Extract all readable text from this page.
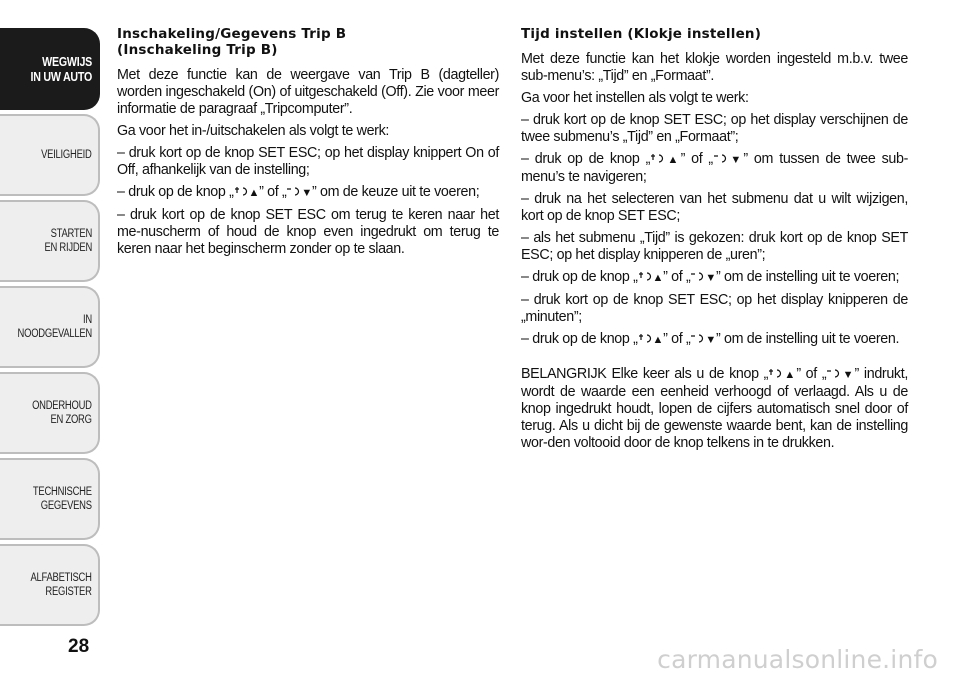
WEGWIJS
IN UW AUTO
VEILIGHEID
STARTEN
EN RIJDEN
IN NOODGEVALLEN
ONDERHOUD
EN ZORG
TECHNISCHE
GEGEVENS
ALFABETISCH
REGISTER
28
Inschakeling/Gegevens Trip B
(Inschakeling Trip B)

Met deze functie kan de weergave van Trip B (dagteller) worden ingeschakeld (On) of uitgeschakeld (Off). Zie voor meer informatie de paragraaf „Tripcomputer”.

Ga voor het in-/uitschakelen als volgt te werk:

– druk kort op de knop SET ESC; op het display knippert On of Off, afhankelijk van de instelling;

– druk op de knop „ ▲” of „ ▼” om de keuze uit te voeren;

– druk kort op de knop SET ESC om terug te keren naar het me-nuscherm of houd de knop even ingedrukt om terug te keren naar het beginscherm zonder op te slaan.

Tijd instellen (Klokje instellen)

Met deze functie kan het klokje worden ingesteld m.b.v. twee sub-menu’s: „Tijd” en „Formaat”.

Ga voor het instellen als volgt te werk:

– druk kort op de knop SET ESC; op het display verschijnen de twee submenu’s „Tijd” en „Formaat”;

– druk op de knop „ ▲” of „ ▼” om tussen de twee sub-menu’s te navigeren;

– druk na het selecteren van het submenu dat u wilt wijzigen, kort op de knop SET ESC;

– als het submenu „Tijd” is gekozen: druk kort op de knop SET ESC; op het display knipperen de „uren”;

– druk op de knop „ ▲” of „ ▼” om de instelling uit te voeren;

– druk kort op de knop SET ESC; op het display knipperen de „minuten”;

– druk op de knop „ ▲” of „ ▼” om de instelling uit te voeren.

BELANGRIJK Elke keer als u de knop „ ▲” of „ ▼” indrukt, wordt de waarde een eenheid verhoogd of verlaagd. Als u de knop ingedrukt houdt, lopen de cijfers automatisch snel door of terug. Als u dicht bij de gewenste waarde bent, kan de instelling wor-den voltooid door de knop telkens in te drukken.

carmanualsonline.info
